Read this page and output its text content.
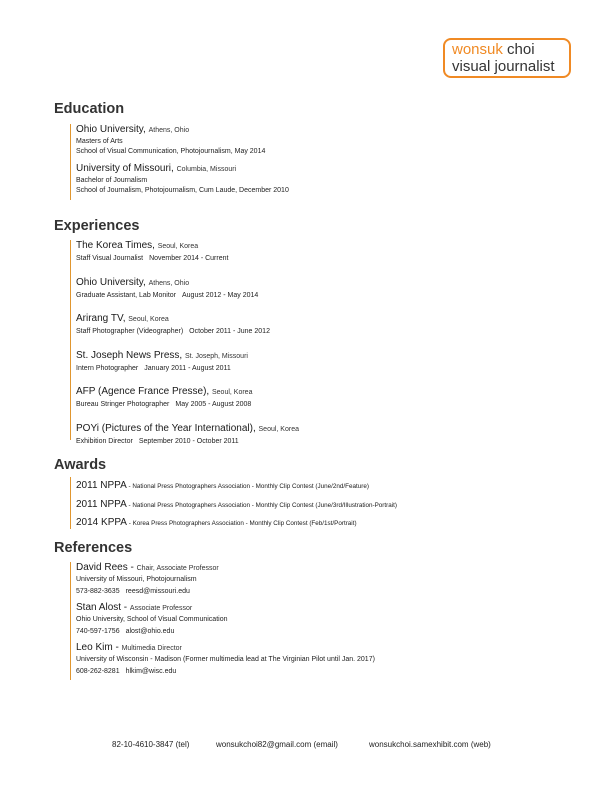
wonsuk choi
visual journalist
Education
Ohio University, Athens, Ohio
Masters of Arts
School of Visual Communication, Photojournalism, May 2014
University of Missouri, Columbia, Missouri
Bachelor of Journalism
School of Journalism, Photojournalism, Cum Laude, December 2010
Experiences
The Korea Times, Seoul, Korea
Staff Visual Journalist November 2014 - Current
Ohio University, Athens, Ohio
Graduate Assistant, Lab Monitor August 2012 - May 2014
Arirang TV, Seoul, Korea
Staff Photographer (Videographer) October 2011 - June 2012
St. Joseph News Press, St. Joseph, Missouri
Intern Photographer January 2011 - August 2011
AFP (Agence France Presse), Seoul, Korea
Bureau Stringer Photographer May 2005 - August 2008
POYi (Pictures of the Year International), Seoul, Korea
Exhibition Director September 2010 - October 2011
Awards
2011 NPPA - National Press Photographers Association - Monthly Clip Contest (June/2nd/Feature)
2011 NPPA - National Press Photographers Association - Monthly Clip Contest (June/3rd/Illustration-Portrait)
2014 KPPA - Korea Press Photographers Association - Monthly Clip Contest (Feb/1st/Portrait)
References
David Rees - Chair, Associate Professor
University of Missouri, Photojournalism
573-882-3635 reesd@missouri.edu
Stan Alost - Associate Professor
Ohio University, School of Visual Communication
740-597-1756 alost@ohio.edu
Leo Kim - Multimedia Director
University of Wisconsin - Madison (Former multimedia lead at The Virginian Pilot until Jan. 2017)
608-262-8281 hlkim@wisc.edu
82-10-4610-3847 (tel)	wonsukchoi82@gmail.com (email)	wonsukchoi.samexhibit.com (web)
